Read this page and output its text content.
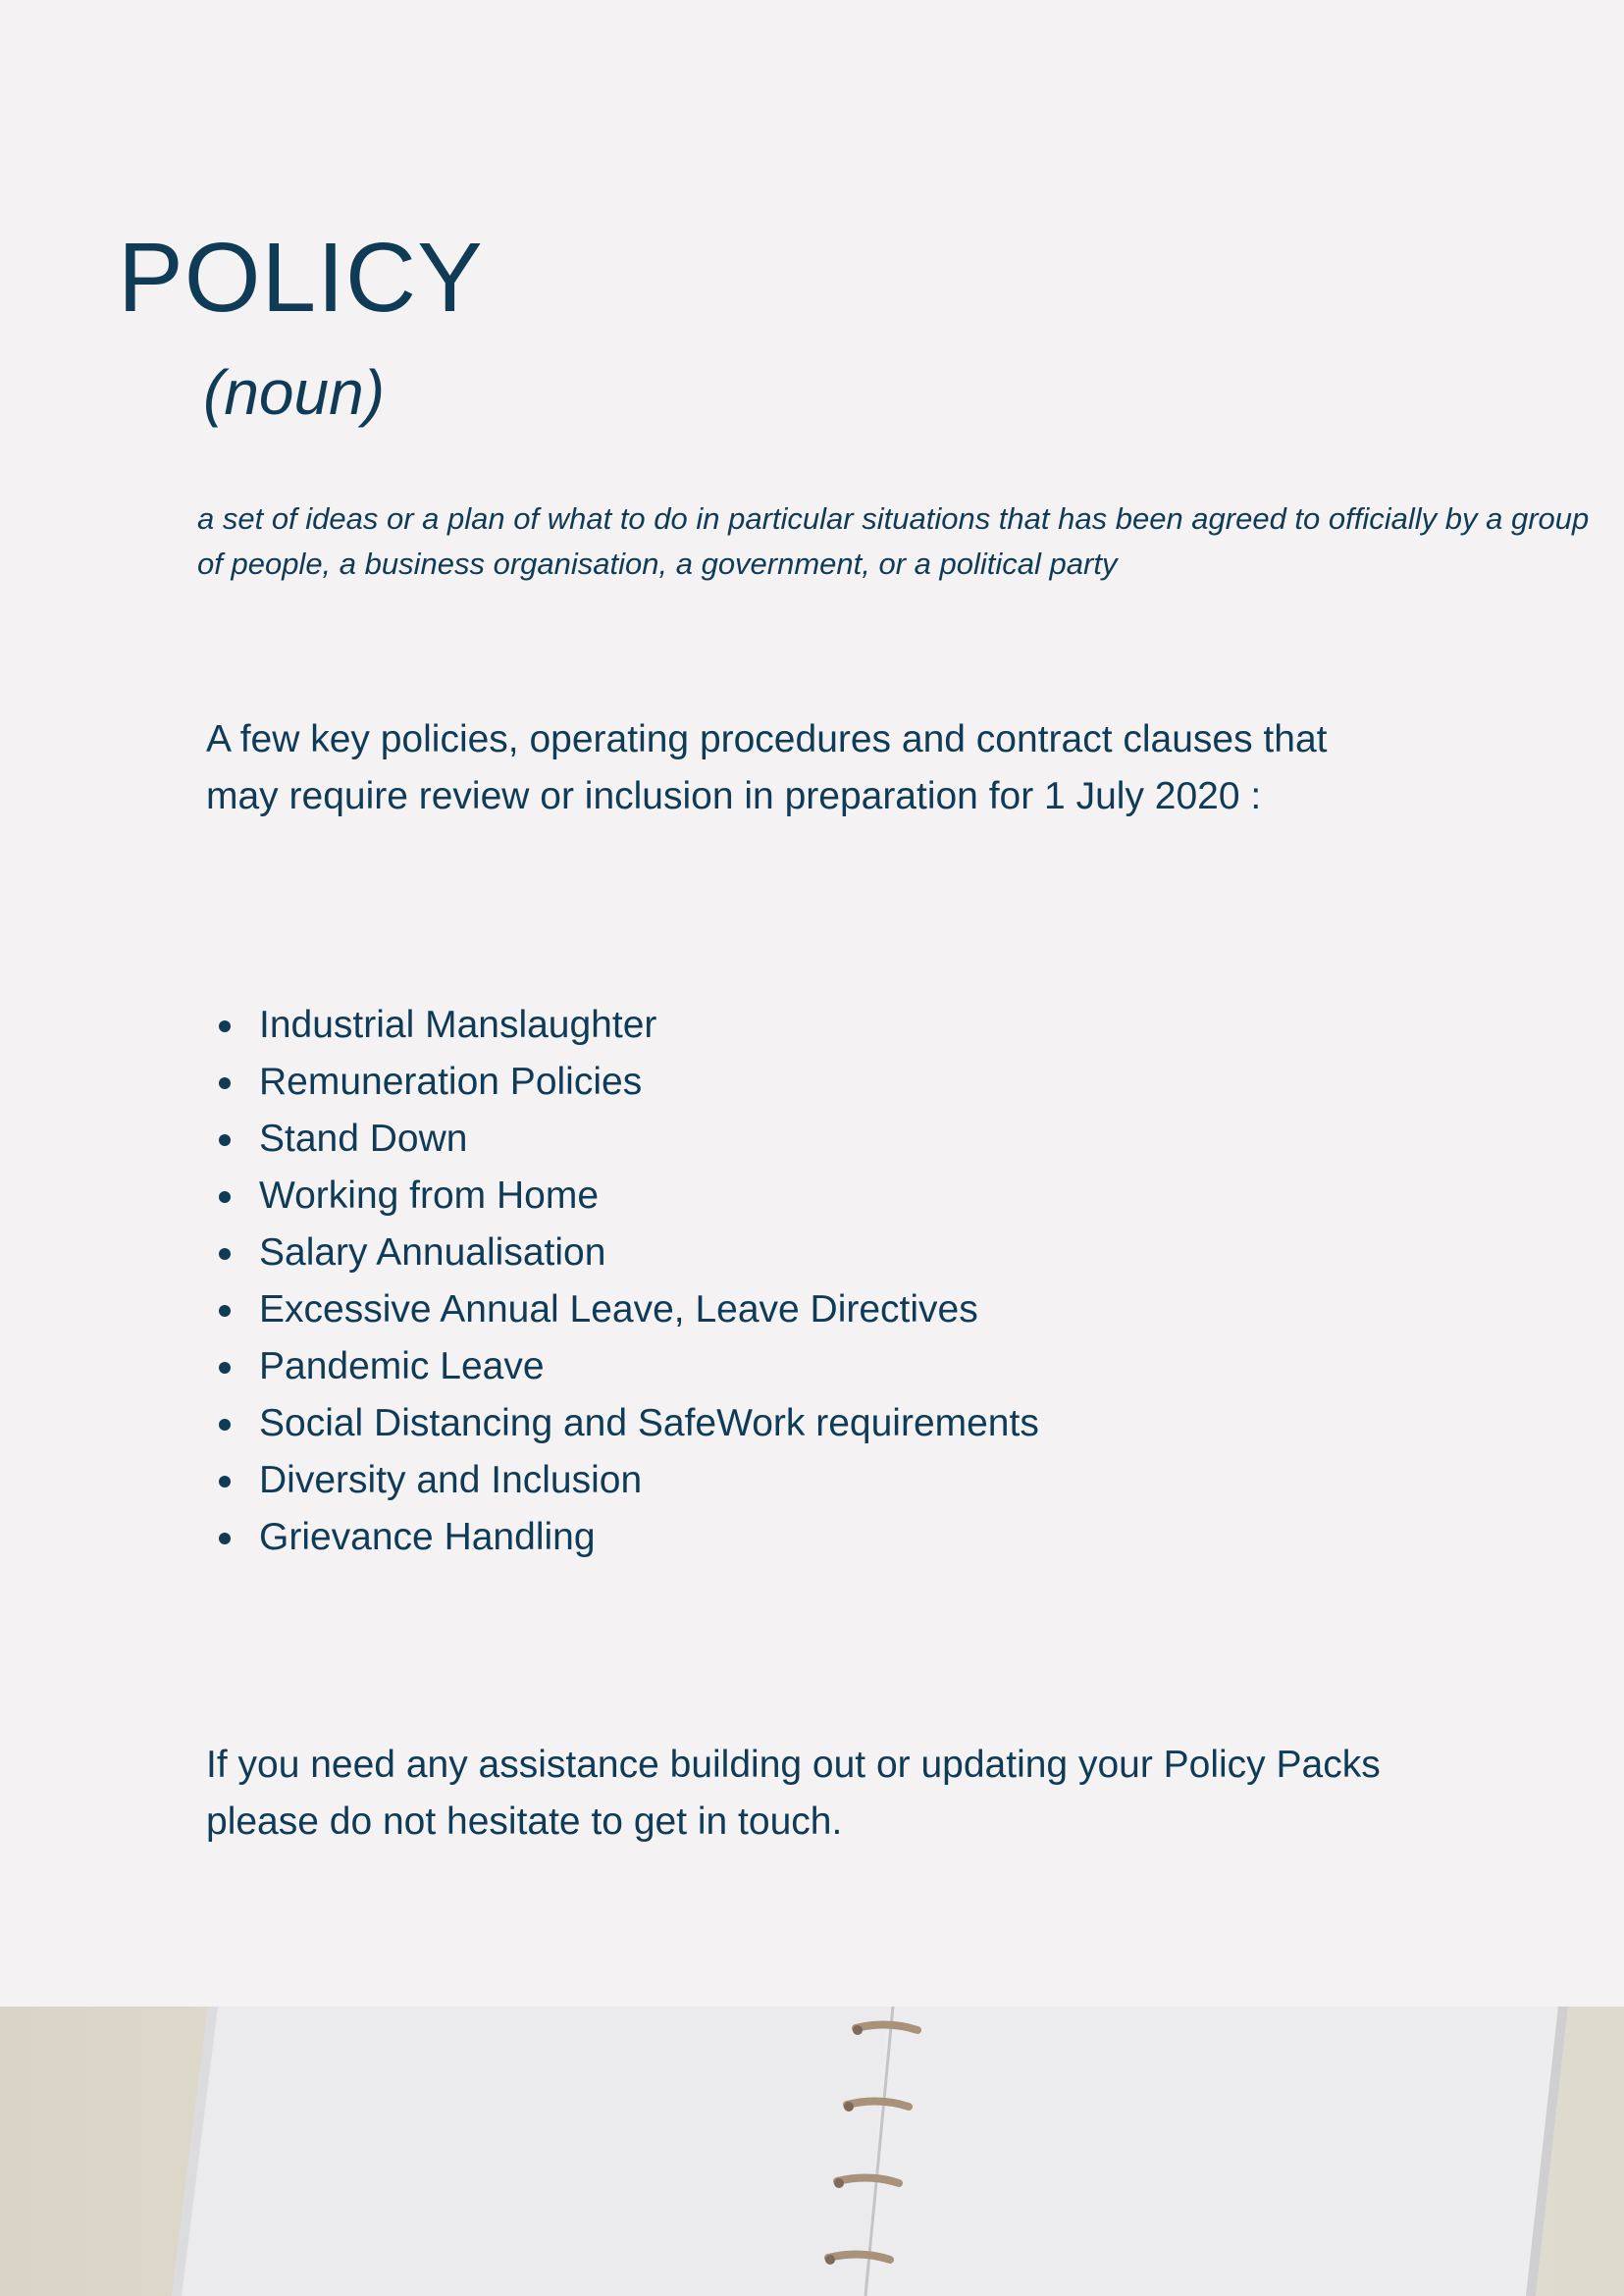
POLICY

(noun)

a set of ideas or a plan of what to do in particular situations that has been agreed to officially by a group of people, a business organisation, a government, or a political party

A few key policies, operating procedures and contract clauses that may require review or inclusion in preparation for 1 July 2020 :

Industrial Manslaughter
Remuneration Policies
Stand Down
Working from Home
Salary Annualisation
Excessive Annual Leave, Leave Directives
Pandemic Leave
Social Distancing and SafeWork requirements
Diversity and Inclusion
Grievance Handling

If you need any assistance building out or updating your Policy Packs please do not hesitate to get in touch.
